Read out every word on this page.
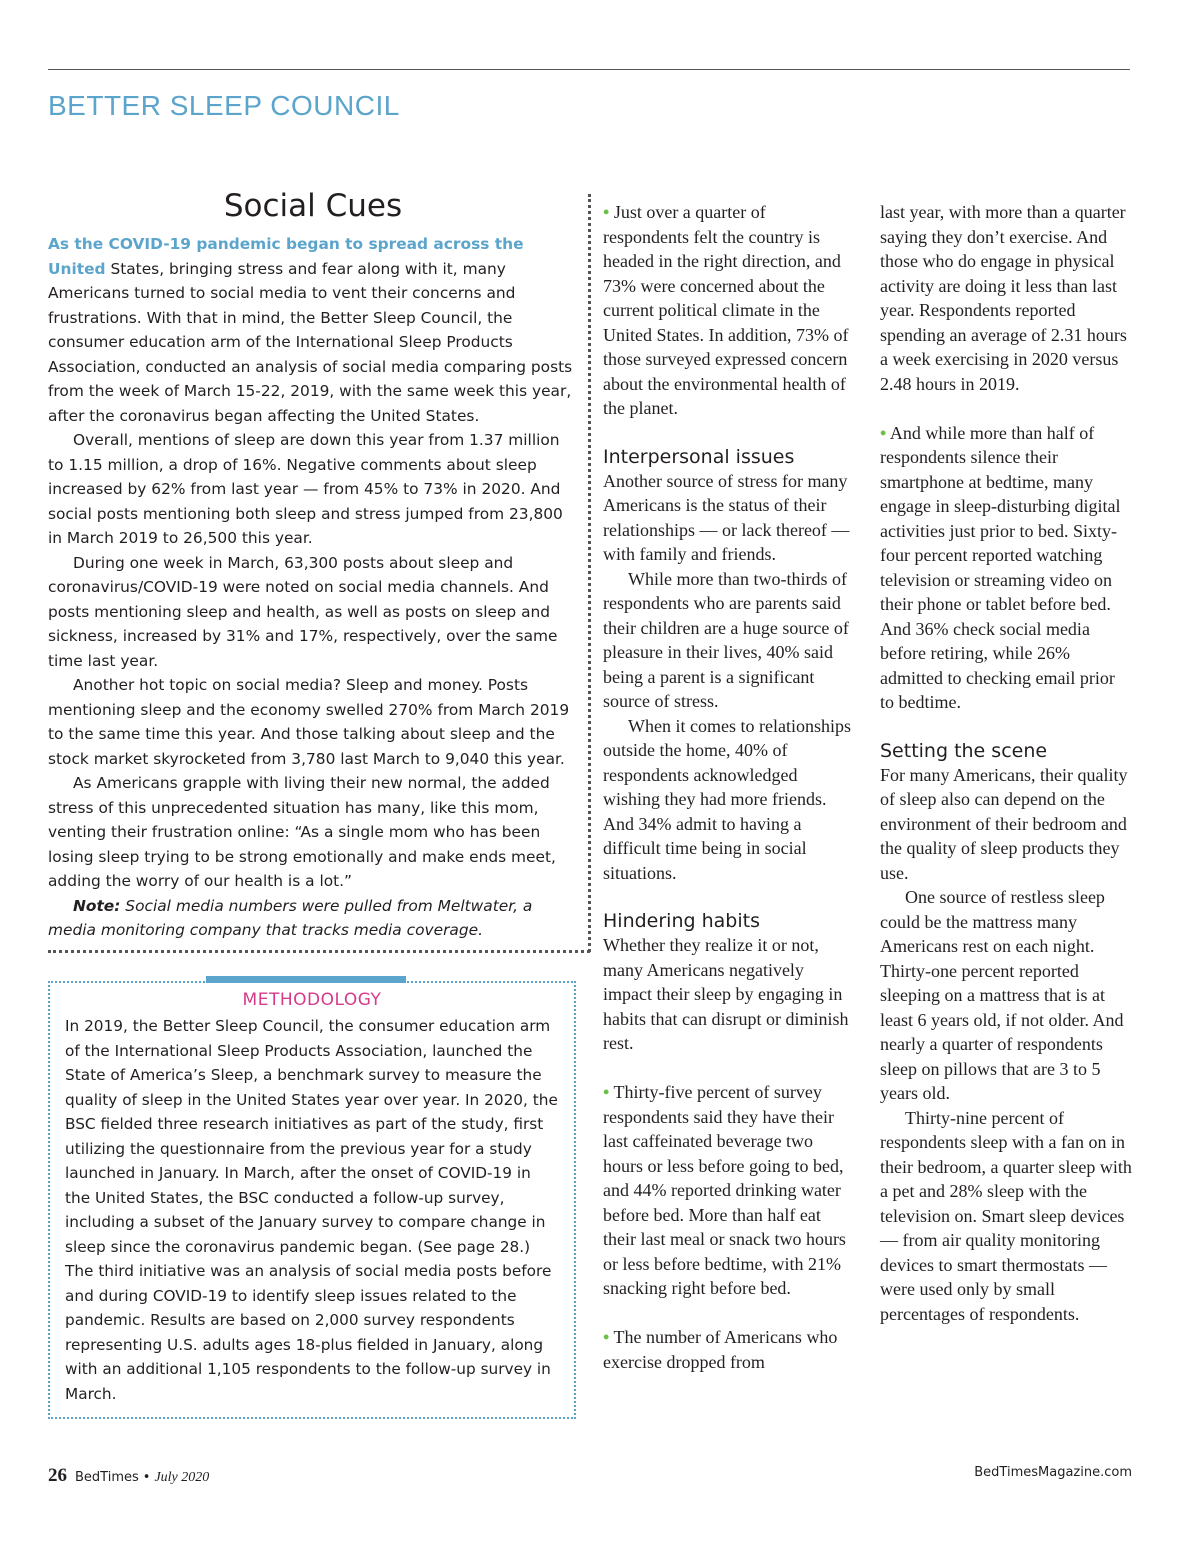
BETTER SLEEP COUNCIL
Social Cues

As the COVID-19 pandemic began to spread across the United States, bringing stress and fear along with it, many Americans turned to social media to vent their concerns and frustrations. With that in mind, the Better Sleep Council, the consumer education arm of the International Sleep Products Association, conducted an analysis of social media comparing posts from the week of March 15-22, 2019, with the same week this year, after the coronavirus began affecting the United States.

Overall, mentions of sleep are down this year from 1.37 million to 1.15 million, a drop of 16%. Negative comments about sleep increased by 62% from last year — from 45% to 73% in 2020. And social posts mentioning both sleep and stress jumped from 23,800 in March 2019 to 26,500 this year.

During one week in March, 63,300 posts about sleep and coronavirus/COVID-19 were noted on social media channels. And posts mentioning sleep and health, as well as posts on sleep and sickness, increased by 31% and 17%, respectively, over the same time last year.

Another hot topic on social media? Sleep and money. Posts mentioning sleep and the economy swelled 270% from March 2019 to the same time this year. And those talking about sleep and the stock market skyrocketed from 3,780 last March to 9,040 this year.

As Americans grapple with living their new normal, the added stress of this unprecedented situation has many, like this mom, venting their frustration online: “As a single mom who has been losing sleep trying to be strong emotionally and make ends meet, adding the worry of our health is a lot.”

Note: Social media numbers were pulled from Meltwater, a media monitoring company that tracks media coverage.

METHODOLOGY

In 2019, the Better Sleep Council, the consumer education arm of the International Sleep Products Association, launched the State of America’s Sleep, a benchmark survey to measure the quality of sleep in the United States year over year. In 2020, the BSC fielded three research initiatives as part of the study, first utilizing the questionnaire from the previous year for a study launched in January. In March, after the onset of COVID-19 in the United States, the BSC conducted a follow-up survey, including a subset of the January survey to compare change in sleep since the coronavirus pandemic began. (See page 28.) The third initiative was an analysis of social media posts before and during COVID-19 to identify sleep issues related to the pandemic. Results are based on 2,000 survey respondents representing U.S. adults ages 18-plus fielded in January, along with an additional 1,105 respondents to the follow-up survey in March.

• Just over a quarter of respondents felt the country is headed in the right direction, and 73% were concerned about the current political climate in the United States. In addition, 73% of those surveyed expressed concern about the environmental health of the planet.

Interpersonal issues

Another source of stress for many Americans is the status of their relationships — or lack thereof — with family and friends.

While more than two-thirds of respondents who are parents said their children are a huge source of pleasure in their lives, 40% said being a parent is a significant source of stress.

When it comes to relationships outside the home, 40% of respondents acknowledged wishing they had more friends. And 34% admit to having a difficult time being in social situations.

Hindering habits

Whether they realize it or not, many Americans negatively impact their sleep by engaging in habits that can disrupt or diminish rest.

• Thirty-five percent of survey respondents said they have their last caffeinated beverage two hours or less before going to bed, and 44% reported drinking water before bed. More than half eat their last meal or snack two hours or less before bedtime, with 21% snacking right before bed.

• The number of Americans who exercise dropped from

last year, with more than a quarter saying they don’t exercise. And those who do engage in physical activity are doing it less than last year. Respondents reported spending an average of 2.31 hours a week exercising in 2020 versus 2.48 hours in 2019.

• And while more than half of respondents silence their smartphone at bedtime, many engage in sleep-disturbing digital activities just prior to bed. Sixty-four percent reported watching television or streaming video on their phone or tablet before bed. And 36% check social media before retiring, while 26% admitted to checking email prior to bedtime.

Setting the scene

For many Americans, their quality of sleep also can depend on the environment of their bedroom and the quality of sleep products they use.

One source of restless sleep could be the mattress many Americans rest on each night. Thirty-one percent reported sleeping on a mattress that is at least 6 years old, if not older. And nearly a quarter of respondents sleep on pillows that are 3 to 5 years old.

Thirty-nine percent of respondents sleep with a fan on in their bedroom, a quarter sleep with a pet and 28% sleep with the television on. Smart sleep devices — from air quality monitoring devices to smart thermostats — were used only by small percentages of respondents.

26 BedTimes • July 2020	BedTimesMagazine.com
